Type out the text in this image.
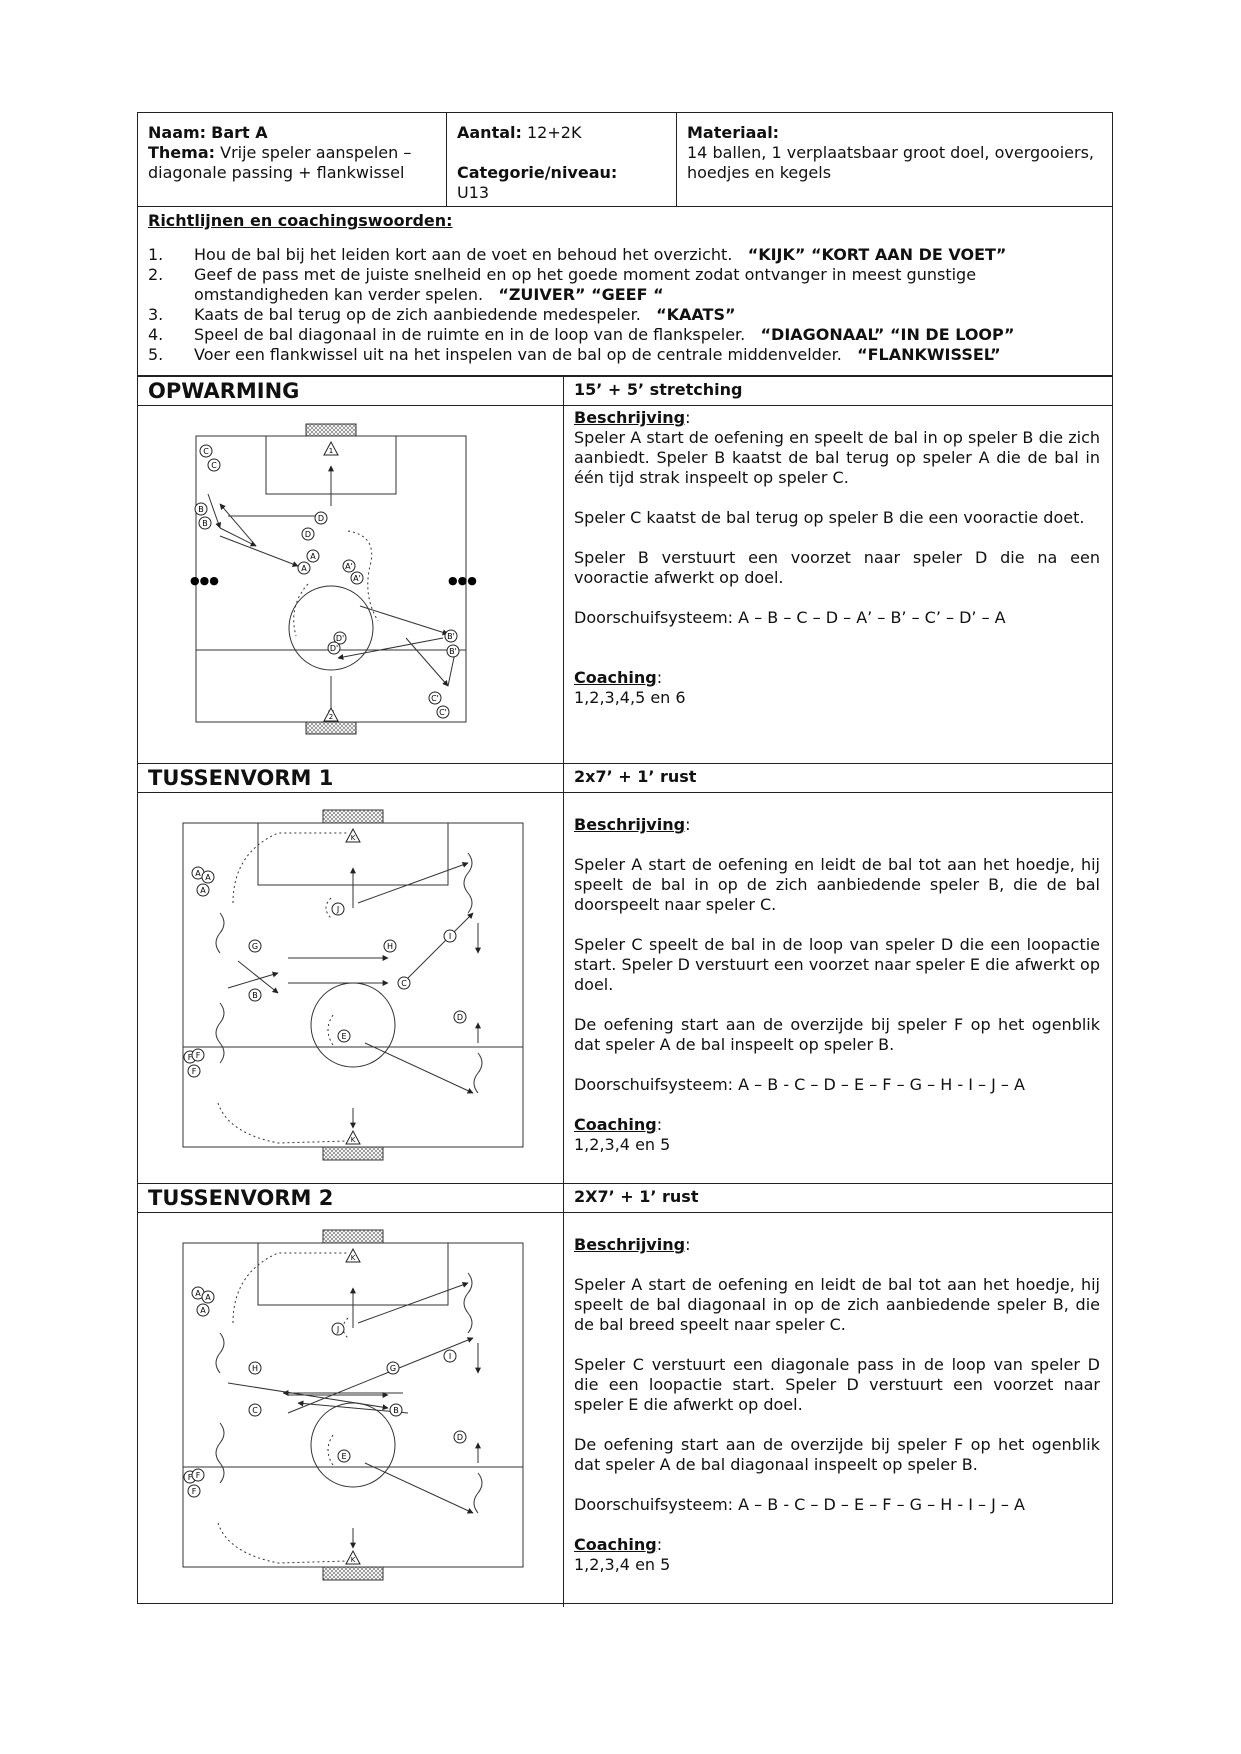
Naam: Bart A
Thema: Vrije speler aanspelen – diagonale passing + flankwissel
Aantal: 12+2K

Categorie/niveau:
U13
Materiaal:
14 ballen, 1 verplaatsbaar groot doel, overgooiers, hoedjes en kegels
Richtlijnen en coachingswoorden:
1.	Hou de bal bij het leiden kort aan de voet en behoud het overzicht. “KIJK” “KORT AAN DE VOET”
2.	Geef de pass met de juiste snelheid en op het goede moment zodat ontvanger in meest gunstige omstandigheden kan verder spelen. “ZUIVER” “GEEF “
3.	Kaats de bal terug op de zich aanbiedende medespeler. “KAATS”
4.	Speel de bal diagonaal in de ruimte en in de loop van de flankspeler. “DIAGONAAL” “IN DE LOOP”
5.	Voer een flankwissel uit na het inspelen van de bal op de centrale middenvelder. “FLANKWISSEL”
OPWARMING	15’ + 5’ stretching
C
C
B
B
D
D
A
A
A'
A'
B'
B'
C'
C'
D'
D'
●●●	●●●
1
2
Beschrijving:

Speler A start de oefening en speelt de bal in op speler B die zich aanbiedt. Speler B kaatst de bal terug op speler A die de bal in één tijd strak inspeelt op speler C.

Speler C kaatst de bal terug op speler B die een vooractie doet.

Speler B verstuurt een voorzet naar speler D die na een vooractie afwerkt op doel.

Doorschuifsysteem: A – B – C – D – A’ – B’ – C’ – D’ – A

Coaching:
1,2,3,4,5 en 6
TUSSENVORM 1	2x7’ + 1’ rust
A A
A
J
G	H
I
B
C
D
E
F F
F
K
K
Beschrijving:

Speler A start de oefening en leidt de bal tot aan het hoedje, hij speelt de bal in op de zich aanbiedende speler B, die de bal doorspeelt naar speler C.

Speler C speelt de bal in de loop van speler D die een loopactie start. Speler D verstuurt een voorzet naar speler E die afwerkt op doel.

De oefening start aan de overzijde bij speler F op het ogenblik dat speler A de bal inspeelt op speler B.

Doorschuifsysteem: A – B - C – D – E – F – G – H - I – J – A

Coaching:
1,2,3,4 en 5
TUSSENVORM 2	2X7’ + 1’ rust
A A
A
J
I
H	G
C	B
D
E
F F
F
K
K
Beschrijving:

Speler A start de oefening en leidt de bal tot aan het hoedje, hij speelt de bal diagonaal in op de zich aanbiedende speler B, die de bal breed speelt naar speler C.

Speler C verstuurt een diagonale pass in de loop van speler D die een loopactie start. Speler D verstuurt een voorzet naar speler E die afwerkt op doel.

De oefening start aan de overzijde bij speler F op het ogenblik dat speler A de bal diagonaal inspeelt op speler B.

Doorschuifsysteem: A – B - C – D – E – F – G – H - I – J – A

Coaching:
1,2,3,4 en 5
